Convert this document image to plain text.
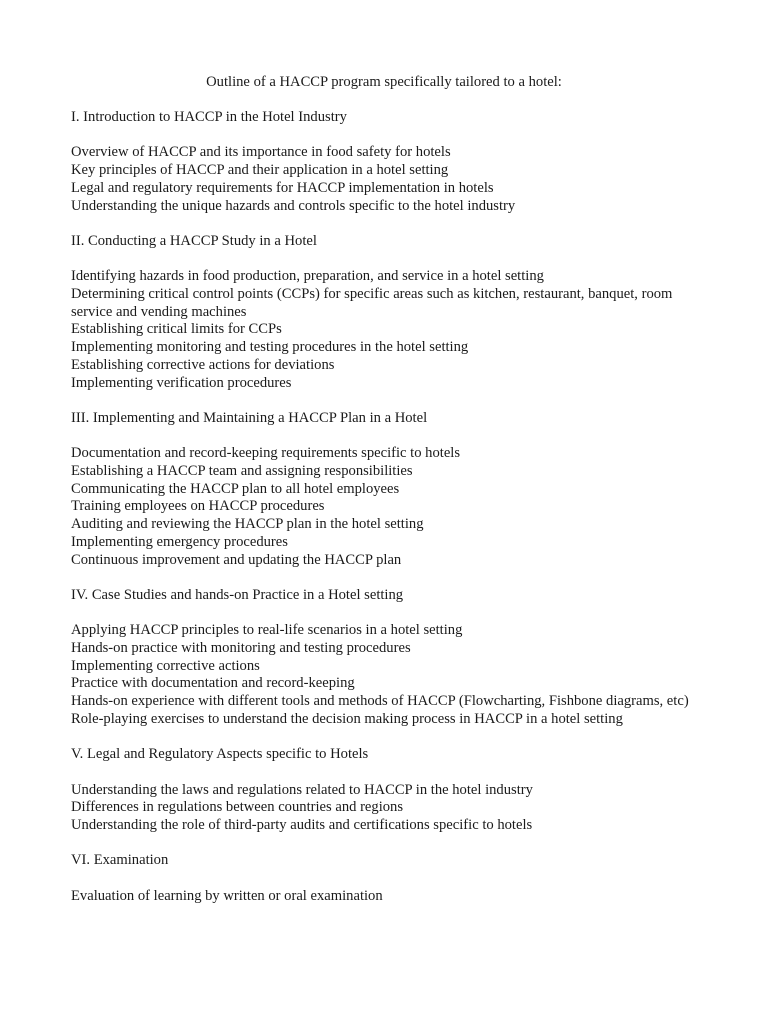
Outline of a HACCP program specifically tailored to a hotel:
I. Introduction to HACCP in the Hotel Industry
Overview of HACCP and its importance in food safety for hotels
Key principles of HACCP and their application in a hotel setting
Legal and regulatory requirements for HACCP implementation in hotels
Understanding the unique hazards and controls specific to the hotel industry
II. Conducting a HACCP Study in a Hotel
Identifying hazards in food production, preparation, and service in a hotel setting
Determining critical control points (CCPs) for specific areas such as kitchen, restaurant, banquet, room service and vending machines
Establishing critical limits for CCPs
Implementing monitoring and testing procedures in the hotel setting
Establishing corrective actions for deviations
Implementing verification procedures
III. Implementing and Maintaining a HACCP Plan in a Hotel
Documentation and record-keeping requirements specific to hotels
Establishing a HACCP team and assigning responsibilities
Communicating the HACCP plan to all hotel employees
Training employees on HACCP procedures
Auditing and reviewing the HACCP plan in the hotel setting
Implementing emergency procedures
Continuous improvement and updating the HACCP plan
IV. Case Studies and hands-on Practice in a Hotel setting
Applying HACCP principles to real-life scenarios in a hotel setting
Hands-on practice with monitoring and testing procedures
Implementing corrective actions
Practice with documentation and record-keeping
Hands-on experience with different tools and methods of HACCP (Flowcharting, Fishbone diagrams, etc)
Role-playing exercises to understand the decision making process in HACCP in a hotel setting
V. Legal and Regulatory Aspects specific to Hotels
Understanding the laws and regulations related to HACCP in the hotel industry
Differences in regulations between countries and regions
Understanding the role of third-party audits and certifications specific to hotels
VI. Examination
Evaluation of learning by written or oral examination
